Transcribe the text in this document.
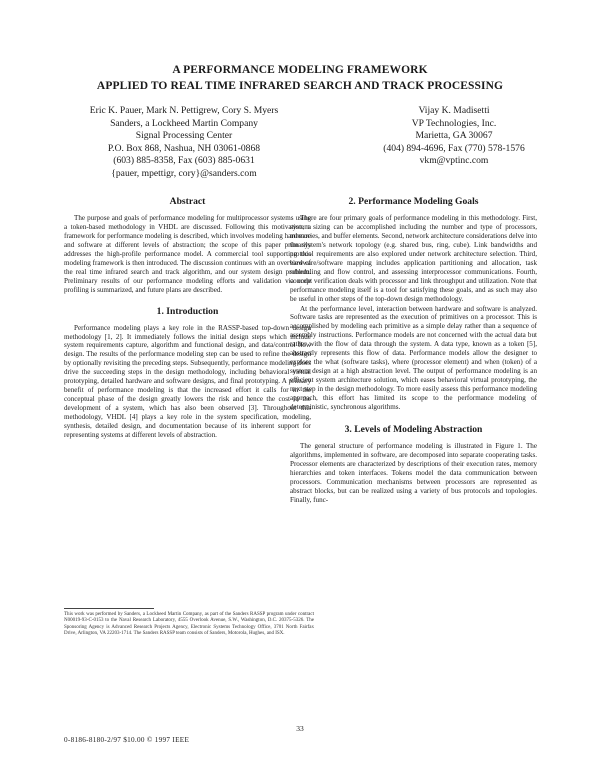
A PERFORMANCE MODELING FRAMEWORK
APPLIED TO REAL TIME INFRARED SEARCH AND TRACK PROCESSING
Eric K. Pauer, Mark N. Pettigrew, Cory S. Myers
Sanders, a Lockheed Martin Company
Signal Processing Center
P.O. Box 868, Nashua, NH 03061-0868
(603) 885-8358, Fax (603) 885-0631
{pauer, mpettigr, cory}@sanders.com
Vijay K. Madisetti
VP Technologies, Inc.
Marietta, GA 30067
(404) 894-4696, Fax (770) 578-1576
vkm@vptinc.com
Abstract

The purpose and goals of performance modeling for multiprocessor systems using a token-based methodology in VHDL are discussed. Following this motivation, a framework for performance modeling is described, which involves modeling hardware and software at different levels of abstraction; the scope of this paper primarily addresses the high-profile performance model. A commercial tool supporting this modeling framework is then introduced. The discussion continues with an overview of the real time infrared search and track algorithm, and our system design problem. Preliminary results of our performance modeling efforts and validation via code profiling is summarized, and future plans are described.

1. Introduction

Performance modeling plays a key role in the RASSP-based top-down design methodology [1, 2]. It immediately follows the initial design steps which include system requirements capture, algorithm and functional design, and data/control flow design. The results of the performance modeling step can be used to refine the design by optionally revisiting the preceding steps. Subsequently, performance modeling does drive the succeeding steps in the design methodology, including behavioral virtual prototyping, detailed hardware and software designs, and final prototyping. A primary benefit of performance modeling is that the increased effort it calls for in the conceptual phase of the design greatly lowers the risk and hence the cost in the development of a system, which has also been observed [3]. Throughout this methodology, VHDL [4] plays a key role in the system specification, modeling, synthesis, detailed design, and documentation because of its inherent support for representing systems at different levels of abstraction.

2. Performance Modeling Goals

There are four primary goals of performance modeling in this methodology. First, system sizing can be accomplished including the number and type of processors, memories, and buffer elements. Second, network architecture considerations delve into the system's network topology (e.g. shared bus, ring, cube). Link bandwidths and protocol requirements are also explored under network architecture selection. Third, hardware/software mapping includes application partitioning and allocation, task scheduling and flow control, and assessing interprocessor communications. Fourth, concept verification deals with processor and link throughput and utilization. Note that performance modeling itself is a tool for satisfying these goals, and as such may also be useful in other steps of the top-down design methodology.

At the performance level, interaction between hardware and software is analyzed. Software tasks are represented as the execution of primitives on a processor. This is accomplished by modeling each primitive as a simple delay rather than a sequence of assembly instructions. Performance models are not concerned with the actual data but rather with the flow of data through the system. A data type, known as a token [5], abstractly represents this flow of data. Performance models allow the designer to explore the what (software tasks), where (processor element) and when (token) of a system design at a high abstraction level. The output of performance modeling is an efficient system architecture solution, which eases behavioral virtual prototyping, the next step in the design methodology. To more easily assess this performance modeling approach, this effort has limited its scope to the performance modeling of deterministic, synchronous algorithms.

3. Levels of Modeling Abstraction

The general structure of performance modeling is illustrated in Figure 1. The algorithms, implemented in software, are decomposed into separate cooperating tasks. Processor elements are characterized by descriptions of their execution rates, memory hierarchies and token interfaces. Tokens model the data communication between processors. Communication mechanisms between processors are represented as abstract blocks, but can be realized using a variety of bus protocols and topologies. Finally, func-

This work was performed by Sanders, a Lockheed Martin Company, as part of the Sanders RASSP program under contract N00019-93-C-0153 to the Naval Research Laboratory, 4555 Overlook Avenue, S.W., Washington, D.C. 20375-5326. The Sponsoring Agency is Advanced Research Projects Agency, Electronic Systems Technology Office, 3701 North Fairfax Drive, Arlington, VA 22203-1714. The Sanders RASSP team consists of Sanders, Motorola, Hughes, and ISX.
33
0-8186-8180-2/97 $10.00 © 1997 IEEE
